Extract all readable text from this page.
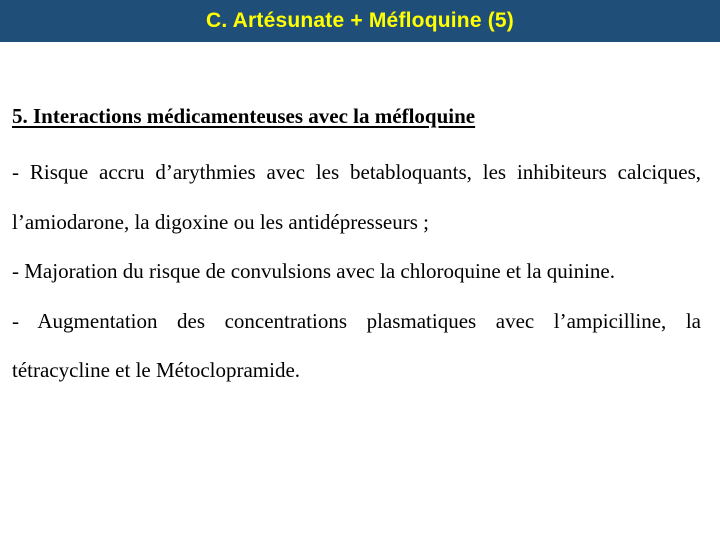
C. Artésunate + Méfloquine (5)
5. Interactions médicamenteuses avec la méfloquine

- Risque accru d’arythmies avec les betabloquants, les inhibiteurs calciques, l’amiodarone, la digoxine ou les antidépresseurs ;

- Majoration du risque de convulsions avec la chloroquine et la quinine.

- Augmentation des concentrations plasmatiques avec l’ampicilline, la tétracycline et le Métoclopramide.
